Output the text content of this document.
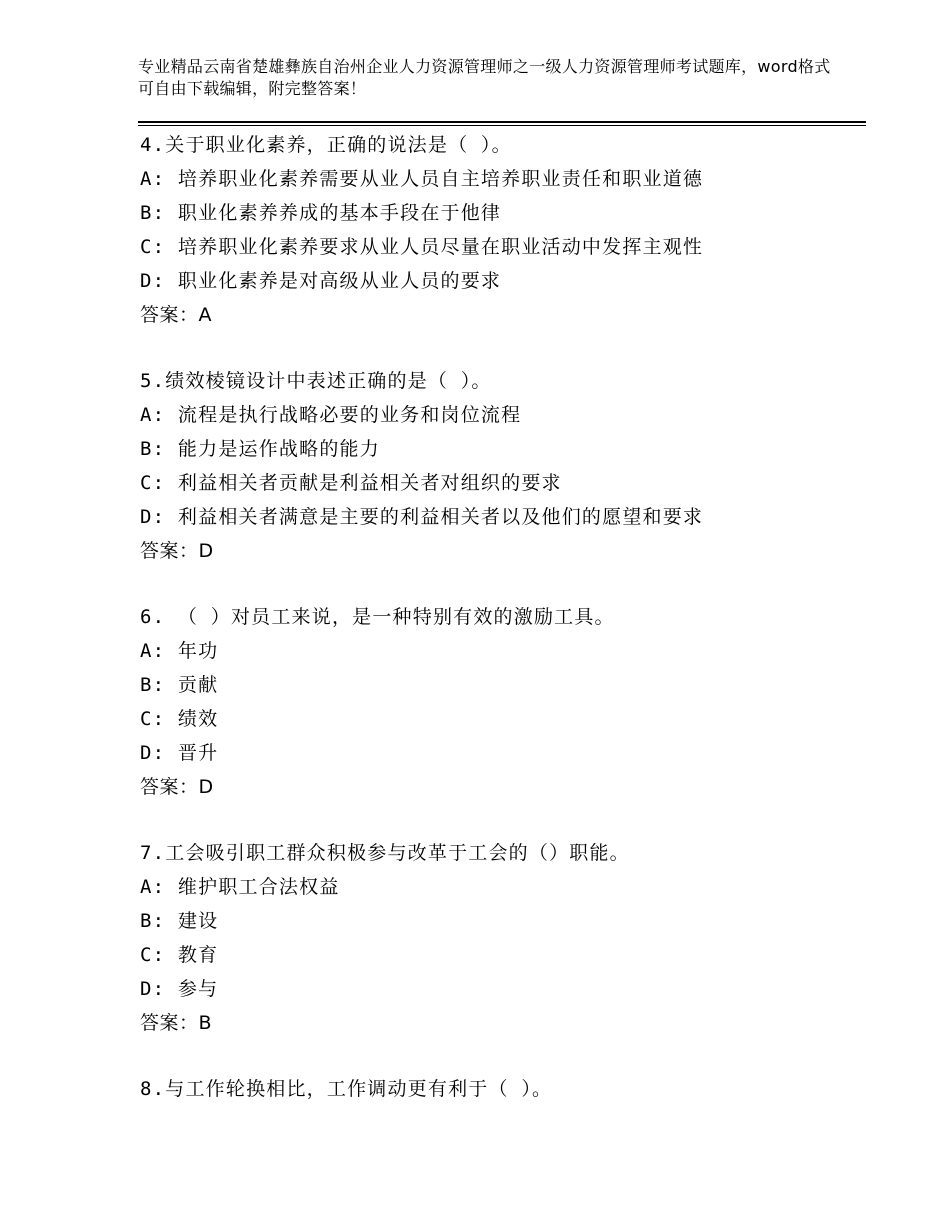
专业精品云南省楚雄彝族自治州企业人力资源管理师之一级人力资源管理师考试题库，word格式可自由下载编辑，附完整答案！
4.关于职业化素养，正确的说法是（ ）。
A: 培养职业化素养需要从业人员自主培养职业责任和职业道德
B: 职业化素养养成的基本手段在于他律
C: 培养职业化素养要求从业人员尽量在职业活动中发挥主观性
D: 职业化素养是对高级从业人员的要求
答案：A
5.绩效棱镜设计中表述正确的是（ ）。
A: 流程是执行战略必要的业务和岗位流程
B: 能力是运作战略的能力
C: 利益相关者贡献是利益相关者对组织的要求
D: 利益相关者满意是主要的利益相关者以及他们的愿望和要求
答案：D
6. （ ）对员工来说，是一种特别有效的激励工具。
A: 年功
B: 贡献
C: 绩效
D: 晋升
答案：D
7.工会吸引职工群众积极参与改革于工会的（）职能。
A: 维护职工合法权益
B: 建设
C: 教育
D: 参与
答案：B
8.与工作轮换相比，工作调动更有利于（ ）。
